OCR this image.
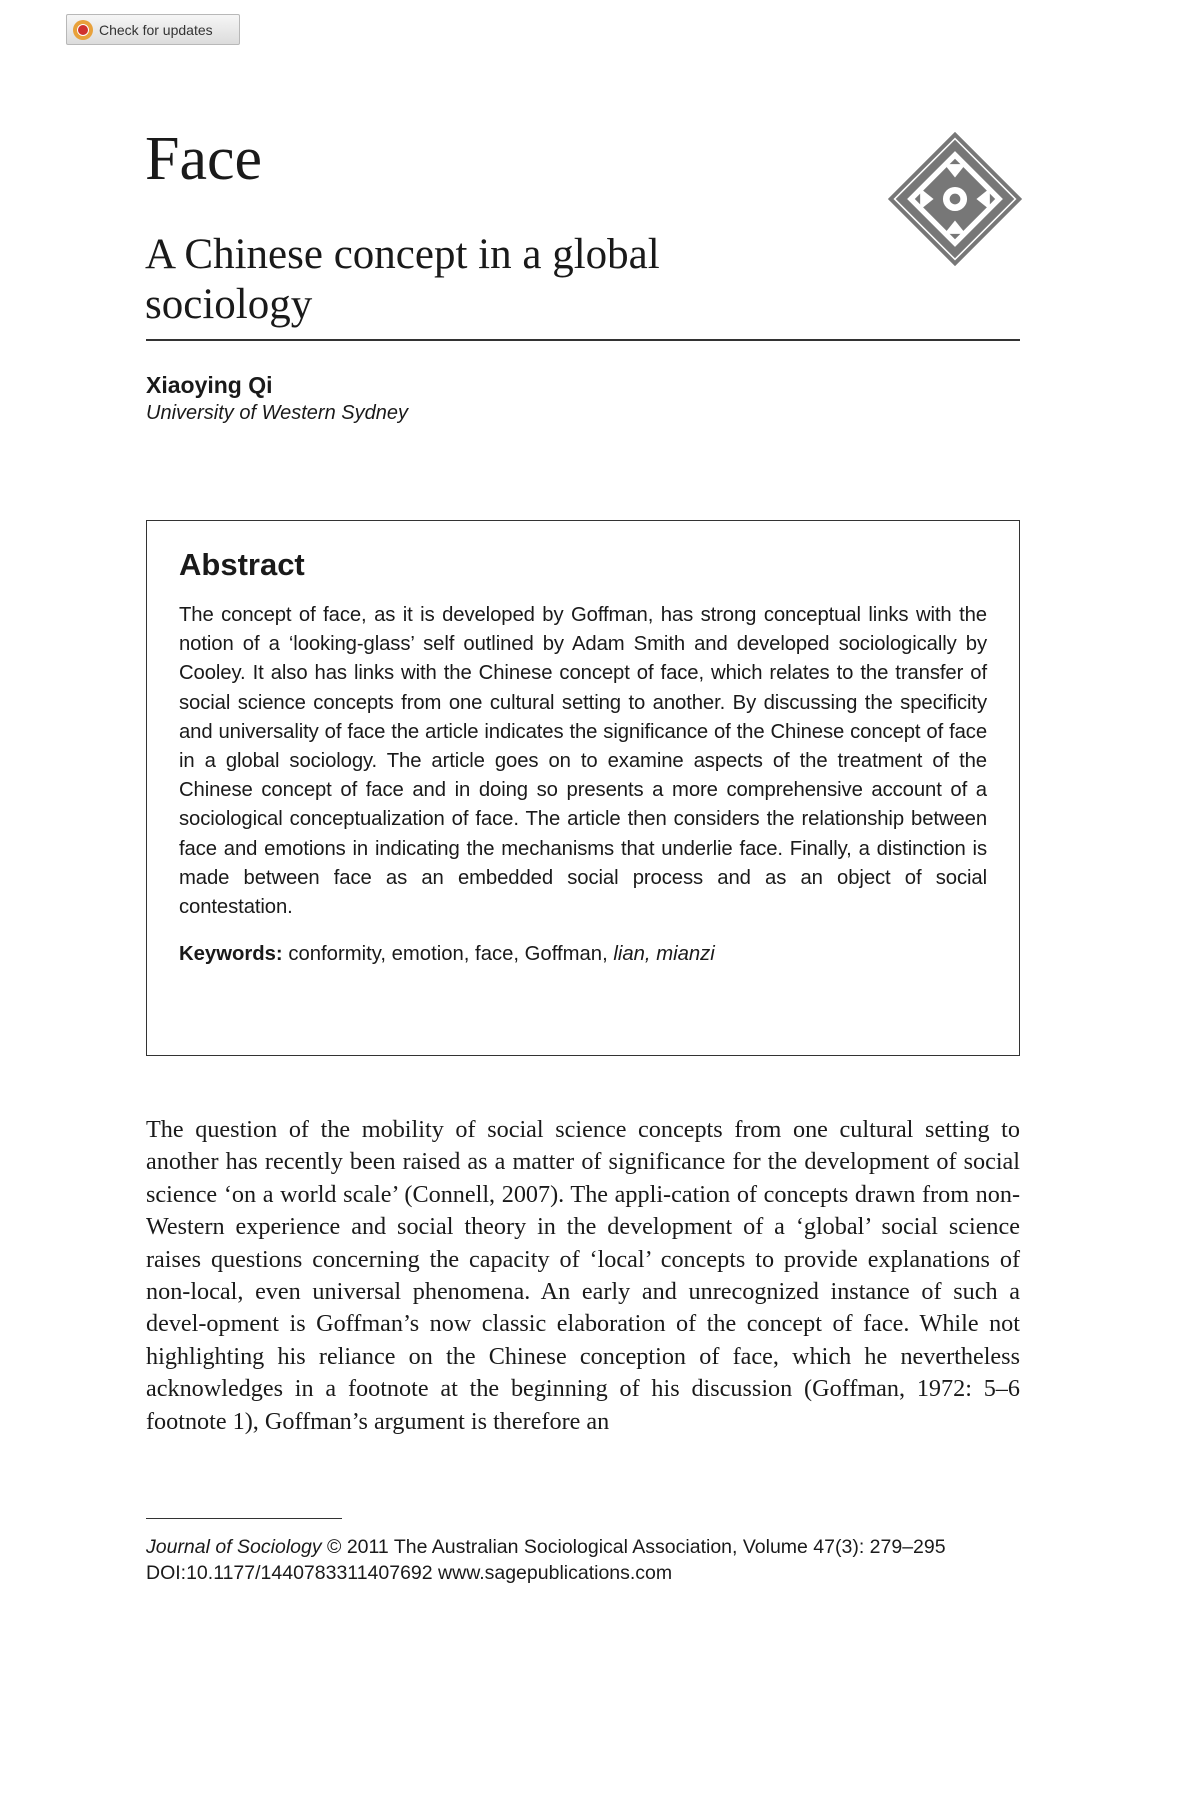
Check for updates
Face
A Chinese concept in a global sociology
Xiaoying Qi
University of Western Sydney
Abstract

The concept of face, as it is developed by Goffman, has strong conceptual links with the notion of a ‘looking-glass’ self outlined by Adam Smith and developed sociologically by Cooley. It also has links with the Chinese concept of face, which relates to the transfer of social science concepts from one cultural setting to another. By discussing the specificity and universality of face the article indicates the significance of the Chinese concept of face in a global sociology. The article goes on to examine aspects of the treatment of the Chinese concept of face and in doing so presents a more comprehensive account of a sociological conceptualization of face. The article then considers the relationship between face and emotions in indicating the mechanisms that underlie face. Finally, a distinction is made between face as an embedded social process and as an object of social contestation.

Keywords: conformity, emotion, face, Goffman, lian, mianzi

The question of the mobility of social science concepts from one cultural setting to another has recently been raised as a matter of significance for the development of social science ‘on a world scale’ (Connell, 2007). The appli-cation of concepts drawn from non-Western experience and social theory in the development of a ‘global’ social science raises questions concerning the capacity of ‘local’ concepts to provide explanations of non-local, even universal phenomena. An early and unrecognized instance of such a devel-opment is Goffman’s now classic elaboration of the concept of face. While not highlighting his reliance on the Chinese conception of face, which he nevertheless acknowledges in a footnote at the beginning of his discussion (Goffman, 1972: 5–6 footnote 1), Goffman’s argument is therefore an

Journal of Sociology © 2011 The Australian Sociological Association, Volume 47(3): 279–295

DOI:10.1177/1440783311407692 www.sagepublications.com
